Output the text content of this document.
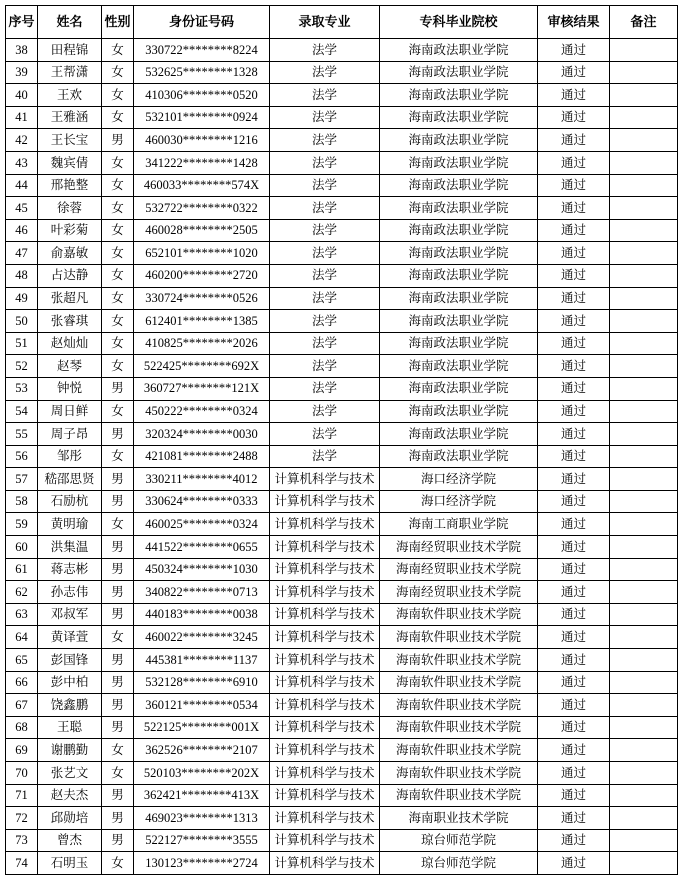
序号	姓名	性别	身份证号码	录取专业	专科毕业院校	审核结果	备注
38	田程锦	女	330722********8224	法学	海南政法职业学院	通过	
39	王帮潇	女	532625********1328	法学	海南政法职业学院	通过	
40	王欢	女	410306********0520	法学	海南政法职业学院	通过	
41	王雅涵	女	532101********0924	法学	海南政法职业学院	通过	
42	王长宝	男	460030********1216	法学	海南政法职业学院	通过	
43	魏宾倩	女	341222********1428	法学	海南政法职业学院	通过	
44	邢艳整	女	460033********574X	法学	海南政法职业学院	通过	
45	徐蓉	女	532722********0322	法学	海南政法职业学院	通过	
46	叶彩菊	女	460028********2505	法学	海南政法职业学院	通过	
47	俞嘉敏	女	652101********1020	法学	海南政法职业学院	通过	
48	占达静	女	460200********2720	法学	海南政法职业学院	通过	
49	张超凡	女	330724********0526	法学	海南政法职业学院	通过	
50	张睿琪	女	612401********1385	法学	海南政法职业学院	通过	
51	赵灿灿	女	410825********2026	法学	海南政法职业学院	通过	
52	赵琴	女	522425********692X	法学	海南政法职业学院	通过	
53	钟悦	男	360727********121X	法学	海南政法职业学院	通过	
54	周日鲜	女	450222********0324	法学	海南政法职业学院	通过	
55	周子昂	男	320324********0030	法学	海南政法职业学院	通过	
56	邹彤	女	421081********2488	法学	海南政法职业学院	通过	
57	嵇邵思贤	男	330211********4012	计算机科学与技术	海口经济学院	通过	
58	石励杭	男	330624********0333	计算机科学与技术	海口经济学院	通过	
59	黄明瑜	女	460025********0324	计算机科学与技术	海南工商职业学院	通过	
60	洪集温	男	441522********0655	计算机科学与技术	海南经贸职业技术学院	通过	
61	蒋志彬	男	450324********1030	计算机科学与技术	海南经贸职业技术学院	通过	
62	孙志伟	男	340822********0713	计算机科学与技术	海南经贸职业技术学院	通过	
63	邓叔军	男	440183********0038	计算机科学与技术	海南软件职业技术学院	通过	
64	黄译萱	女	460022********3245	计算机科学与技术	海南软件职业技术学院	通过	
65	彭国锋	男	445381********1137	计算机科学与技术	海南软件职业技术学院	通过	
66	彭中柏	男	532128********6910	计算机科学与技术	海南软件职业技术学院	通过	
67	饶鑫鹏	男	360121********0534	计算机科学与技术	海南软件职业技术学院	通过	
68	王聪	男	522125********001X	计算机科学与技术	海南软件职业技术学院	通过	
69	谢鹏勤	女	362526********2107	计算机科学与技术	海南软件职业技术学院	通过	
70	张艺文	女	520103********202X	计算机科学与技术	海南软件职业技术学院	通过	
71	赵夫杰	男	362421********413X	计算机科学与技术	海南软件职业技术学院	通过	
72	邱勋培	男	469023********1313	计算机科学与技术	海南职业技术学院	通过	
73	曾杰	男	522127********3555	计算机科学与技术	琼台师范学院	通过	
74	石明玉	女	130123********2724	计算机科学与技术	琼台师范学院	通过	
